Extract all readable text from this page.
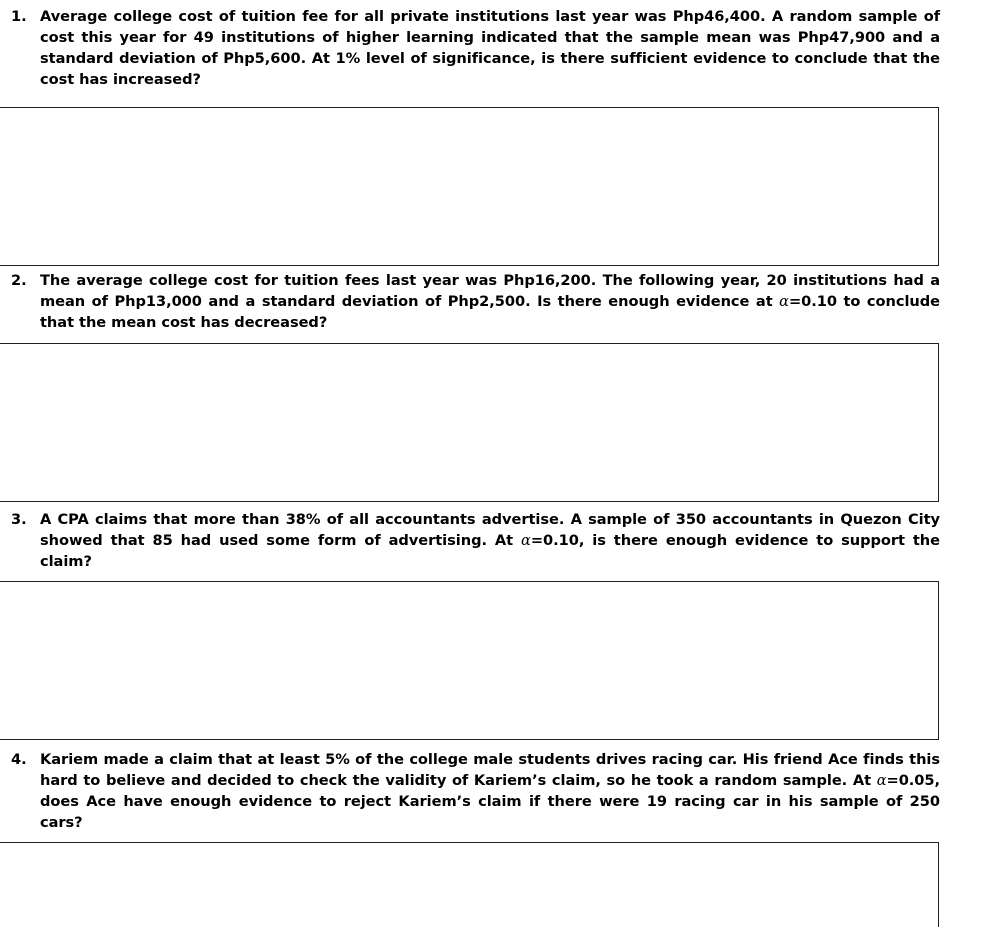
1. Average college cost of tuition fee for all private institutions last year was Php46,400. A random sample of cost this year for 49 institutions of higher learning indicated that the sample mean was Php47,900 and a standard deviation of Php5,600. At 1% level of significance, is there sufficient evidence to conclude that the cost has increased?
2. The average college cost for tuition fees last year was Php16,200. The following year, 20 institutions had a mean of Php13,000 and a standard deviation of Php2,500. Is there enough evidence at α=0.10 to conclude that the mean cost has decreased?
3. A CPA claims that more than 38% of all accountants advertise. A sample of 350 accountants in Quezon City showed that 85 had used some form of advertising. At α=0.10, is there enough evidence to support the claim?
4. Kariem made a claim that at least 5% of the college male students drives racing car. His friend Ace finds this hard to believe and decided to check the validity of Kariem’s claim, so he took a random sample. At α=0.05, does Ace have enough evidence to reject Kariem’s claim if there were 19 racing car in his sample of 250 cars?
